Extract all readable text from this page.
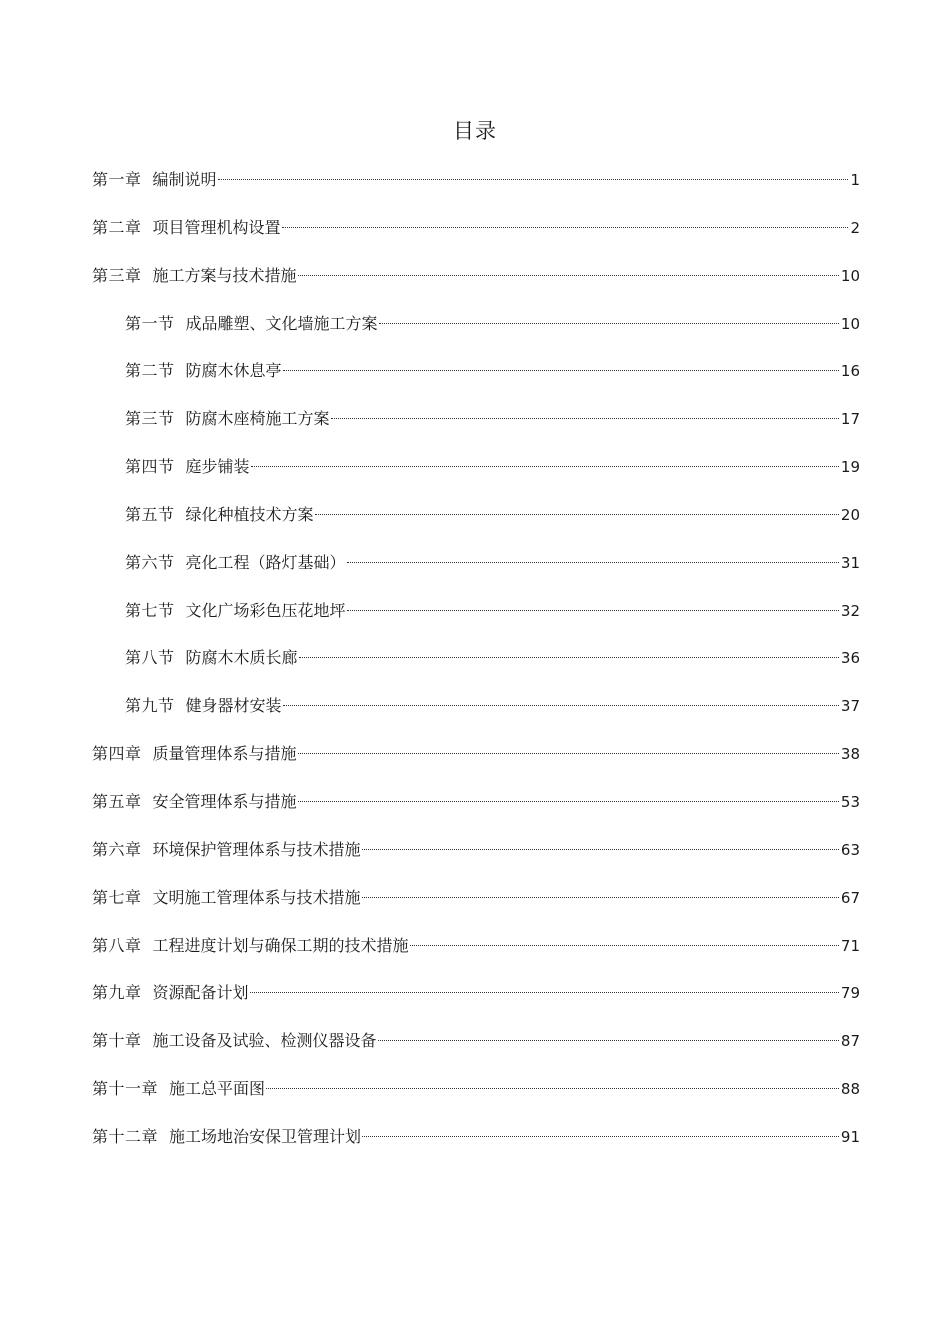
目录
第一章 编制说明	1
第二章 项目管理机构设置	2
第三章 施工方案与技术措施	10
第一节 成品雕塑、文化墙施工方案	10
第二节 防腐木休息亭	16
第三节 防腐木座椅施工方案	17
第四节 庭步铺装	19
第五节 绿化种植技术方案	20
第六节 亮化工程（路灯基础）	31
第七节 文化广场彩色压花地坪	32
第八节 防腐木木质长廊	36
第九节 健身器材安装	37
第四章 质量管理体系与措施	38
第五章 安全管理体系与措施	53
第六章 环境保护管理体系与技术措施	63
第七章 文明施工管理体系与技术措施	67
第八章 工程进度计划与确保工期的技术措施	71
第九章 资源配备计划	79
第十章 施工设备及试验、检测仪器设备	87
第十一章 施工总平面图	88
第十二章 施工场地治安保卫管理计划	91
